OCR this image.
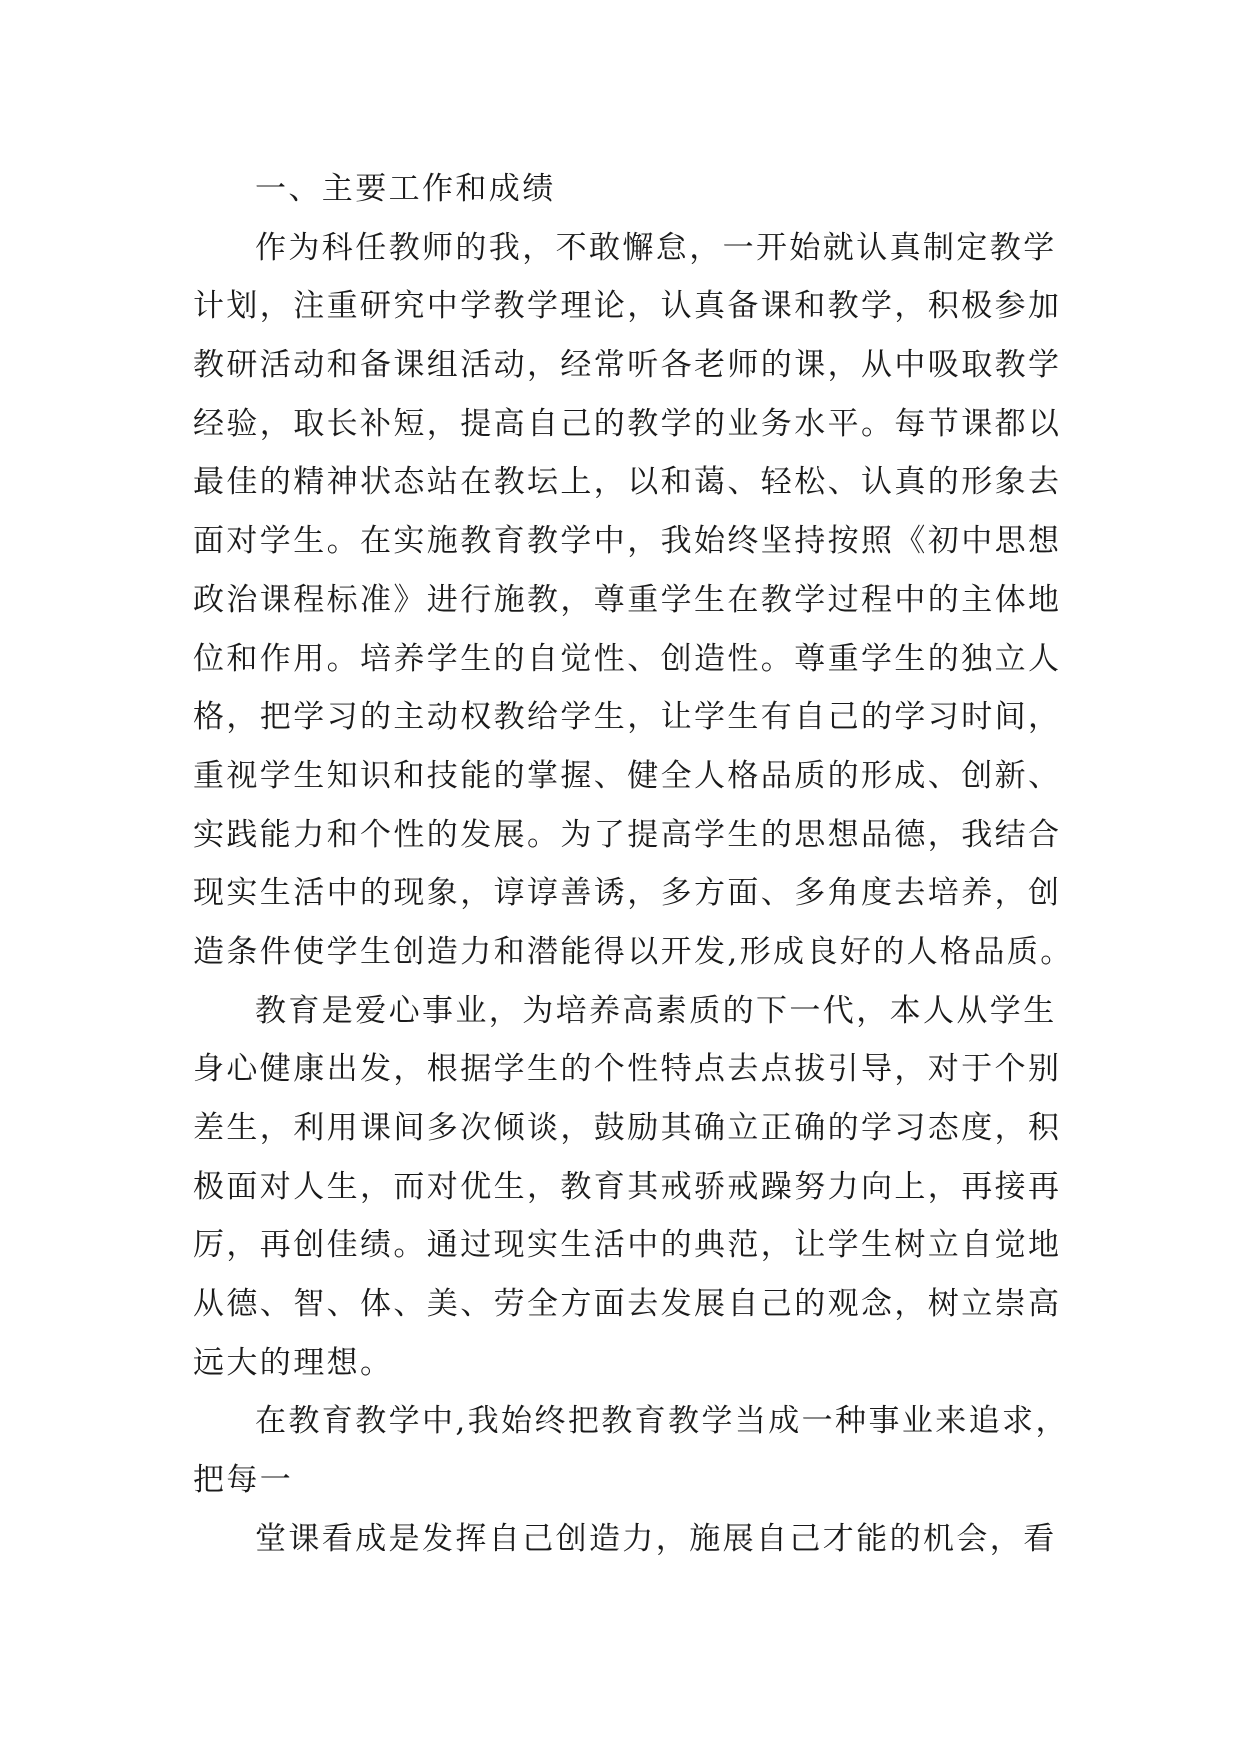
一、主要工作和成绩
作为科任教师的我，不敢懈怠，一开始就认真制定教学
计划，注重研究中学教学理论，认真备课和教学，积极参加
教研活动和备课组活动，经常听各老师的课，从中吸取教学
经验，取长补短，提高自己的教学的业务水平。每节课都以
最佳的精神状态站在教坛上，以和蔼、轻松、认真的形象去
面对学生。在实施教育教学中，我始终坚持按照《初中思想
政治课程标准》进行施教，尊重学生在教学过程中的主体地
位和作用。培养学生的自觉性、创造性。尊重学生的独立人
格，把学习的主动权教给学生，让学生有自己的学习时间，
重视学生知识和技能的掌握、健全人格品质的形成、创新、
实践能力和个性的发展。为了提高学生的思想品德，我结合
现实生活中的现象，谆谆善诱，多方面、多角度去培养，创
造条件使学生创造力和潜能得以开发,形成良好的人格品质。
教育是爱心事业，为培养高素质的下一代，本人从学生
身心健康出发，根据学生的个性特点去点拔引导，对于个别
差生，利用课间多次倾谈，鼓励其确立正确的学习态度，积
极面对人生，而对优生，教育其戒骄戒躁努力向上，再接再
厉，再创佳绩。通过现实生活中的典范，让学生树立自觉地
从德、智、体、美、劳全方面去发展自己的观念，树立崇高
远大的理想。
在教育教学中,我始终把教育教学当成一种事业来追求，
把每一
堂课看成是发挥自己创造力，施展自己才能的机会，看
